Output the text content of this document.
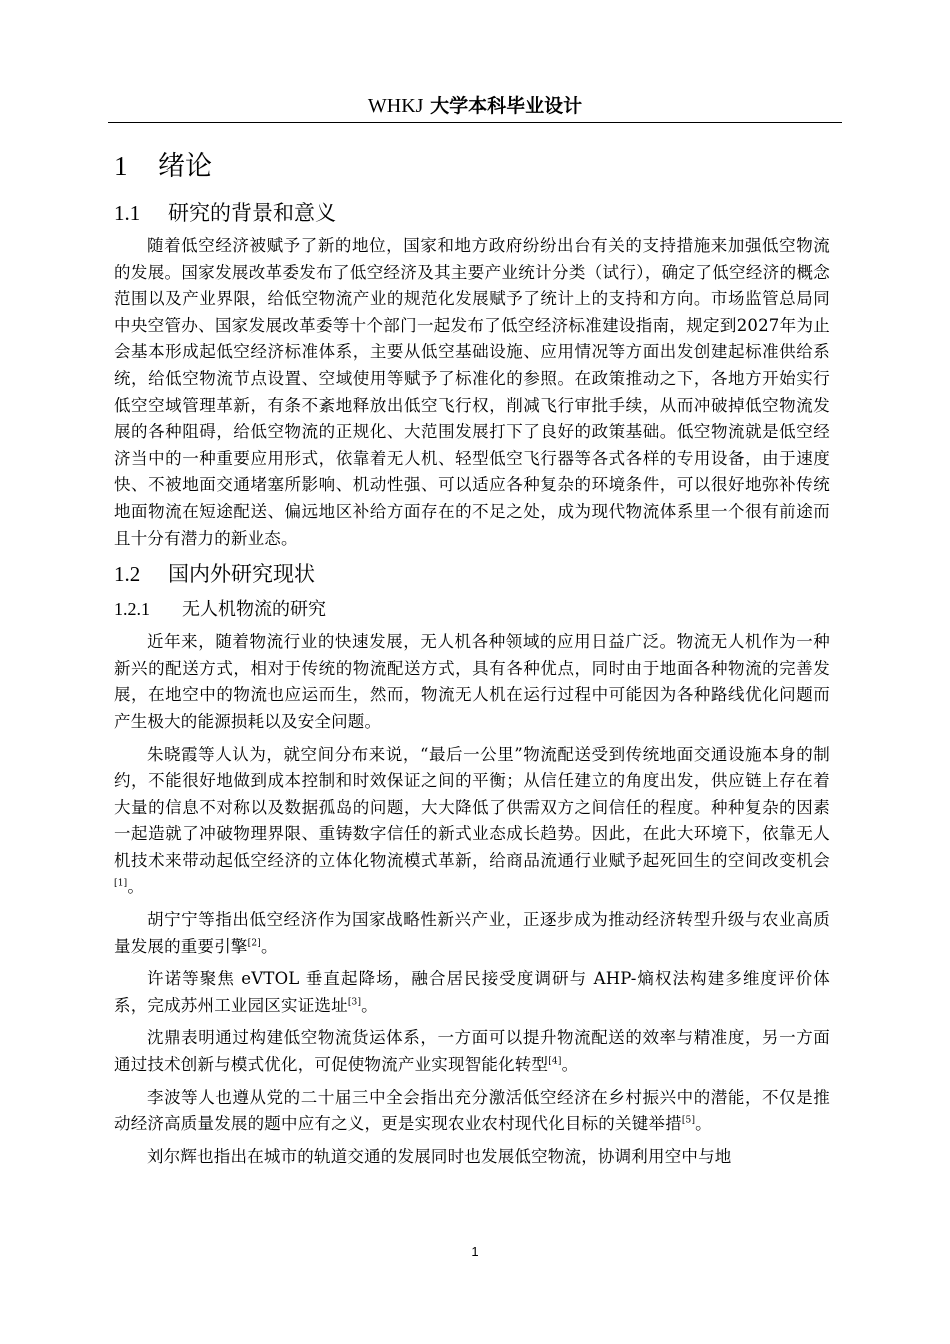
WHKJ 大学本科毕业设计
1 绪论
1.1 研究的背景和意义

随着低空经济被赋予了新的地位，国家和地方政府纷纷出台有关的支持措施来加强低空物流的发展。国家发展改革委发布了低空经济及其主要产业统计分类（试行），确定了低空经济的概念范围以及产业界限，给低空物流产业的规范化发展赋予了统计上的支持和方向。市场监管总局同中央空管办、国家发展改革委等十个部门一起发布了低空经济标准建设指南，规定到2027年为止会基本形成起低空经济标准体系，主要从低空基础设施、应用情况等方面出发创建起标准供给系统，给低空物流节点设置、空域使用等赋予了标准化的参照。在政策推动之下，各地方开始实行低空空域管理革新，有条不紊地释放出低空飞行权，削减飞行审批手续，从而冲破掉低空物流发展的各种阻碍，给低空物流的正规化、大范围发展打下了良好的政策基础。低空物流就是低空经济当中的一种重要应用形式，依靠着无人机、轻型低空飞行器等各式各样的专用设备，由于速度快、不被地面交通堵塞所影响、机动性强、可以适应各种复杂的环境条件，可以很好地弥补传统地面物流在短途配送、偏远地区补给方面存在的不足之处，成为现代物流体系里一个很有前途而且十分有潜力的新业态。

1.2 国内外研究现状
1.2.1 无人机物流的研究

近年来，随着物流行业的快速发展，无人机各种领域的应用日益广泛。物流无人机作为一种新兴的配送方式，相对于传统的物流配送方式，具有各种优点，同时由于地面各种物流的完善发展，在地空中的物流也应运而生，然而，物流无人机在运行过程中可能因为各种路线优化问题而产生极大的能源损耗以及安全问题。

朱晓霞等人认为，就空间分布来说，“最后一公里”物流配送受到传统地面交通设施本身的制约，不能很好地做到成本控制和时效保证之间的平衡；从信任建立的角度出发，供应链上存在着大量的信息不对称以及数据孤岛的问题，大大降低了供需双方之间信任的程度。种种复杂的因素一起造就了冲破物理界限、重铸数字信任的新式业态成长趋势。因此，在此大环境下，依靠无人机技术来带动起低空经济的立体化物流模式革新，给商品流通行业赋予起死回生的空间改变机会[1]。

胡宁宁等指出低空经济作为国家战略性新兴产业，正逐步成为推动经济转型升级与农业高质量发展的重要引擎[2]。

许诺等聚焦 eVTOL 垂直起降场，融合居民接受度调研与 AHP-熵权法构建多维度评价体系，完成苏州工业园区实证选址[3]。

沈鼎表明通过构建低空物流货运体系，一方面可以提升物流配送的效率与精准度，另一方面通过技术创新与模式优化，可促使物流产业实现智能化转型[4]。

李波等人也遵从党的二十届三中全会指出充分激活低空经济在乡村振兴中的潜能，不仅是推动经济高质量发展的题中应有之义，更是实现农业农村现代化目标的关键举措[5]。

刘尔辉也指出在城市的轨道交通的发展同时也发展低空物流，协调利用空中与地

1
